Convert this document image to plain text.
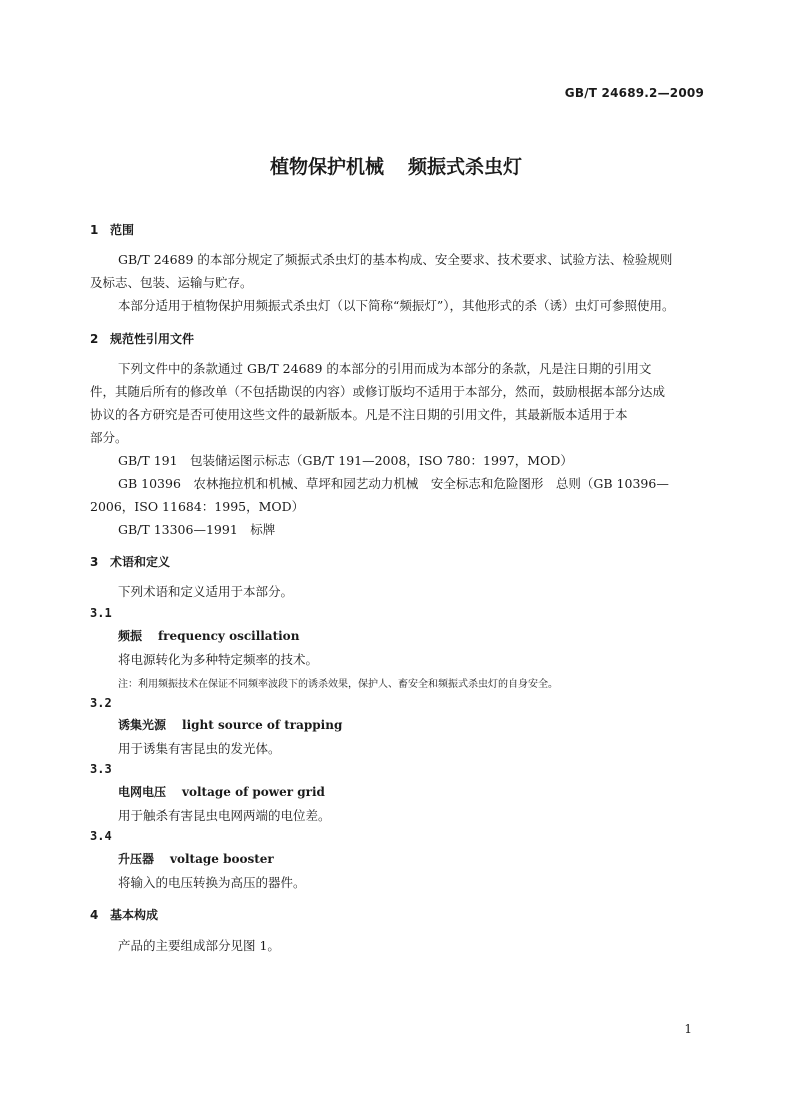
GB/T 24689.2—2009
植物保护机械 频振式杀虫灯
1 范围
GB/T 24689 的本部分规定了频振式杀虫灯的基本构成、安全要求、技术要求、试验方法、检验规则
及标志、包装、运输与贮存。
本部分适用于植物保护用频振式杀虫灯（以下简称“频振灯”），其他形式的杀（诱）虫灯可参照使用。
2 规范性引用文件
下列文件中的条款通过 GB/T 24689 的本部分的引用而成为本部分的条款，凡是注日期的引用文
件，其随后所有的修改单（不包括勘误的内容）或修订版均不适用于本部分，然而，鼓励根据本部分达成
协议的各方研究是否可使用这些文件的最新版本。凡是不注日期的引用文件，其最新版本适用于本
部分。
GB/T 191　包装储运图示标志（GB/T 191—2008，ISO 780：1997，MOD）
GB 10396　农林拖拉机和机械、草坪和园艺动力机械　安全标志和危险图形　总则（GB 10396—
2006，ISO 11684：1995，MOD）
GB/T 13306—1991　标牌
3 术语和定义
下列术语和定义适用于本部分。
3.1
频振 frequency oscillation
将电源转化为多种特定频率的技术。
注：利用频振技术在保证不同频率波段下的诱杀效果，保护人、畜安全和频振式杀虫灯的自身安全。
3.2
诱集光源 light source of trapping
用于诱集有害昆虫的发光体。
3.3
电网电压 voltage of power grid
用于触杀有害昆虫电网两端的电位差。
3.4
升压器 voltage booster
将输入的电压转换为高压的器件。
4 基本构成
产品的主要组成部分见图 1。
1
